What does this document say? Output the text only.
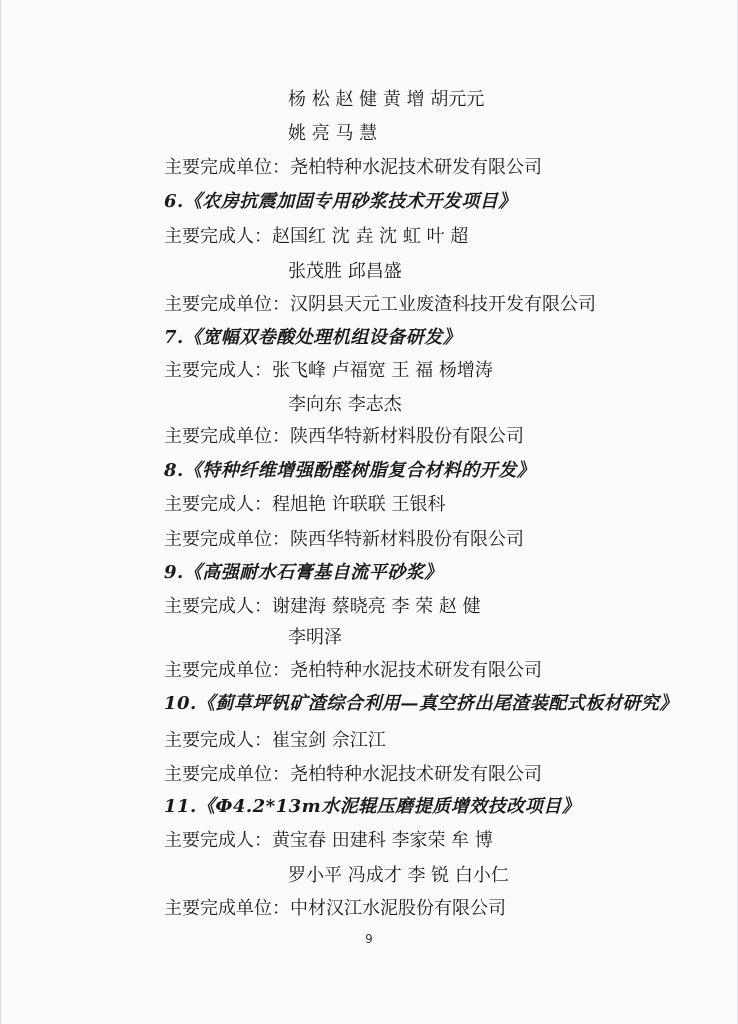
杨 松 赵 健 黄 增 胡元元
姚 亮 马 慧
主要完成单位：尧柏特种水泥技术研发有限公司
6.《农房抗震加固专用砂浆技术开发项目》
主要完成人：赵国红 沈 垚 沈 虹 叶 超
张茂胜 邱昌盛
主要完成单位：汉阴县天元工业废渣科技开发有限公司
7.《宽幅双卷酸处理机组设备研发》
主要完成人：张飞峰 卢福宽 王 福 杨增涛
李向东 李志杰
主要完成单位：陕西华特新材料股份有限公司
8.《特种纤维增强酚醛树脂复合材料的开发》
主要完成人：程旭艳 许联联 王银科
主要完成单位：陕西华特新材料股份有限公司
9.《高强耐水石膏基自流平砂浆》
主要完成人：谢建海 蔡晓亮 李 荣 赵 健
李明泽
主要完成单位：尧柏特种水泥技术研发有限公司
10.《蓟草坪钒矿渣综合利用—真空挤出尾渣装配式板材研究》
主要完成人：崔宝剑 佘江江
主要完成单位：尧柏特种水泥技术研发有限公司
11.《Ф4.2*13m水泥辊压磨提质增效技改项目》
主要完成人：黄宝春 田建科 李家荣 牟 博
罗小平 冯成才 李 锐 白小仁
主要完成单位：中材汉江水泥股份有限公司
9
